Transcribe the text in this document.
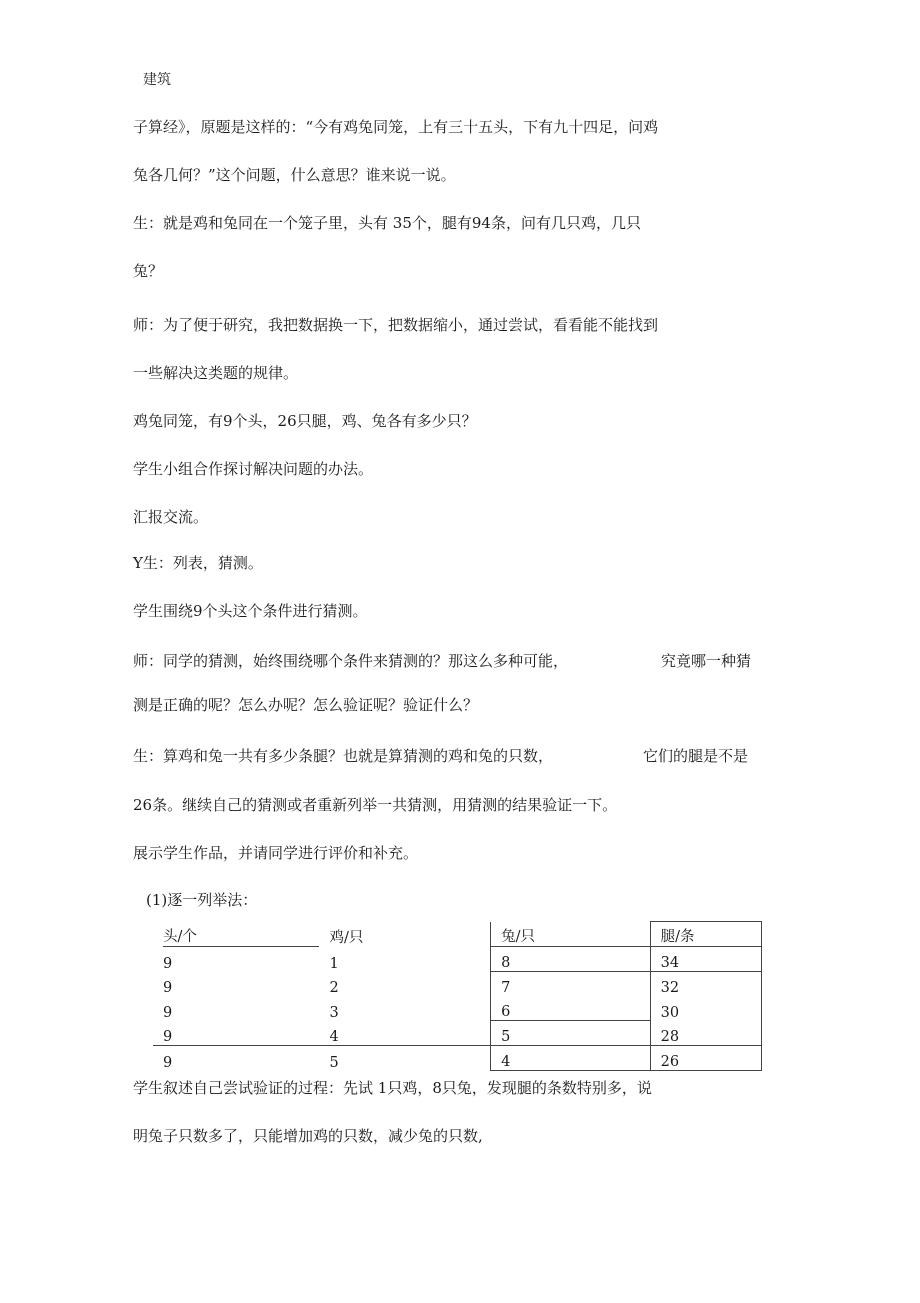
建筑
子算经》，原题是这样的：“今有鸡兔同笼，上有三十五头，下有九十四足，问鸡
兔各几何？”这个问题，什么意思？谁来说一说。
生：就是鸡和兔同在一个笼子里，头有 35个，腿有94条，问有几只鸡，几只
兔？
师：为了便于研究，我把数据换一下，把数据缩小，通过尝试，看看能不能找到
一些解决这类题的规律。
鸡兔同笼，有9个头，26只腿，鸡、兔各有多少只？
学生小组合作探讨解决问题的办法。
汇报交流。
Y生：列表，猜测。
学生围绕9个头这个条件进行猜测。
师：同学的猜测，始终围绕哪个条件来猜测的？那这么多种可能，	究竟哪一种猜
测是正确的呢？怎么办呢？怎么验证呢？验证什么？
生：算鸡和兔一共有多少条腿？也就是算猜测的鸡和兔的只数，	它们的腿是不是
26条。继续自己的猜测或者重新列举一共猜测，用猜测的结果验证一下。
展示学生作品，并请同学进行评价和补充。
(1)逐一列举法：
头/个	鸡/只	兔/只	腿/条
9	1	8	34
9	2	7	32
9	3	6	30
9	4	5	28
9	5	4	26
学生叙述自己尝试验证的过程：先试 1只鸡，8只兔，发现腿的条数特别多，说
明兔子只数多了，只能增加鸡的只数，减少兔的只数,
